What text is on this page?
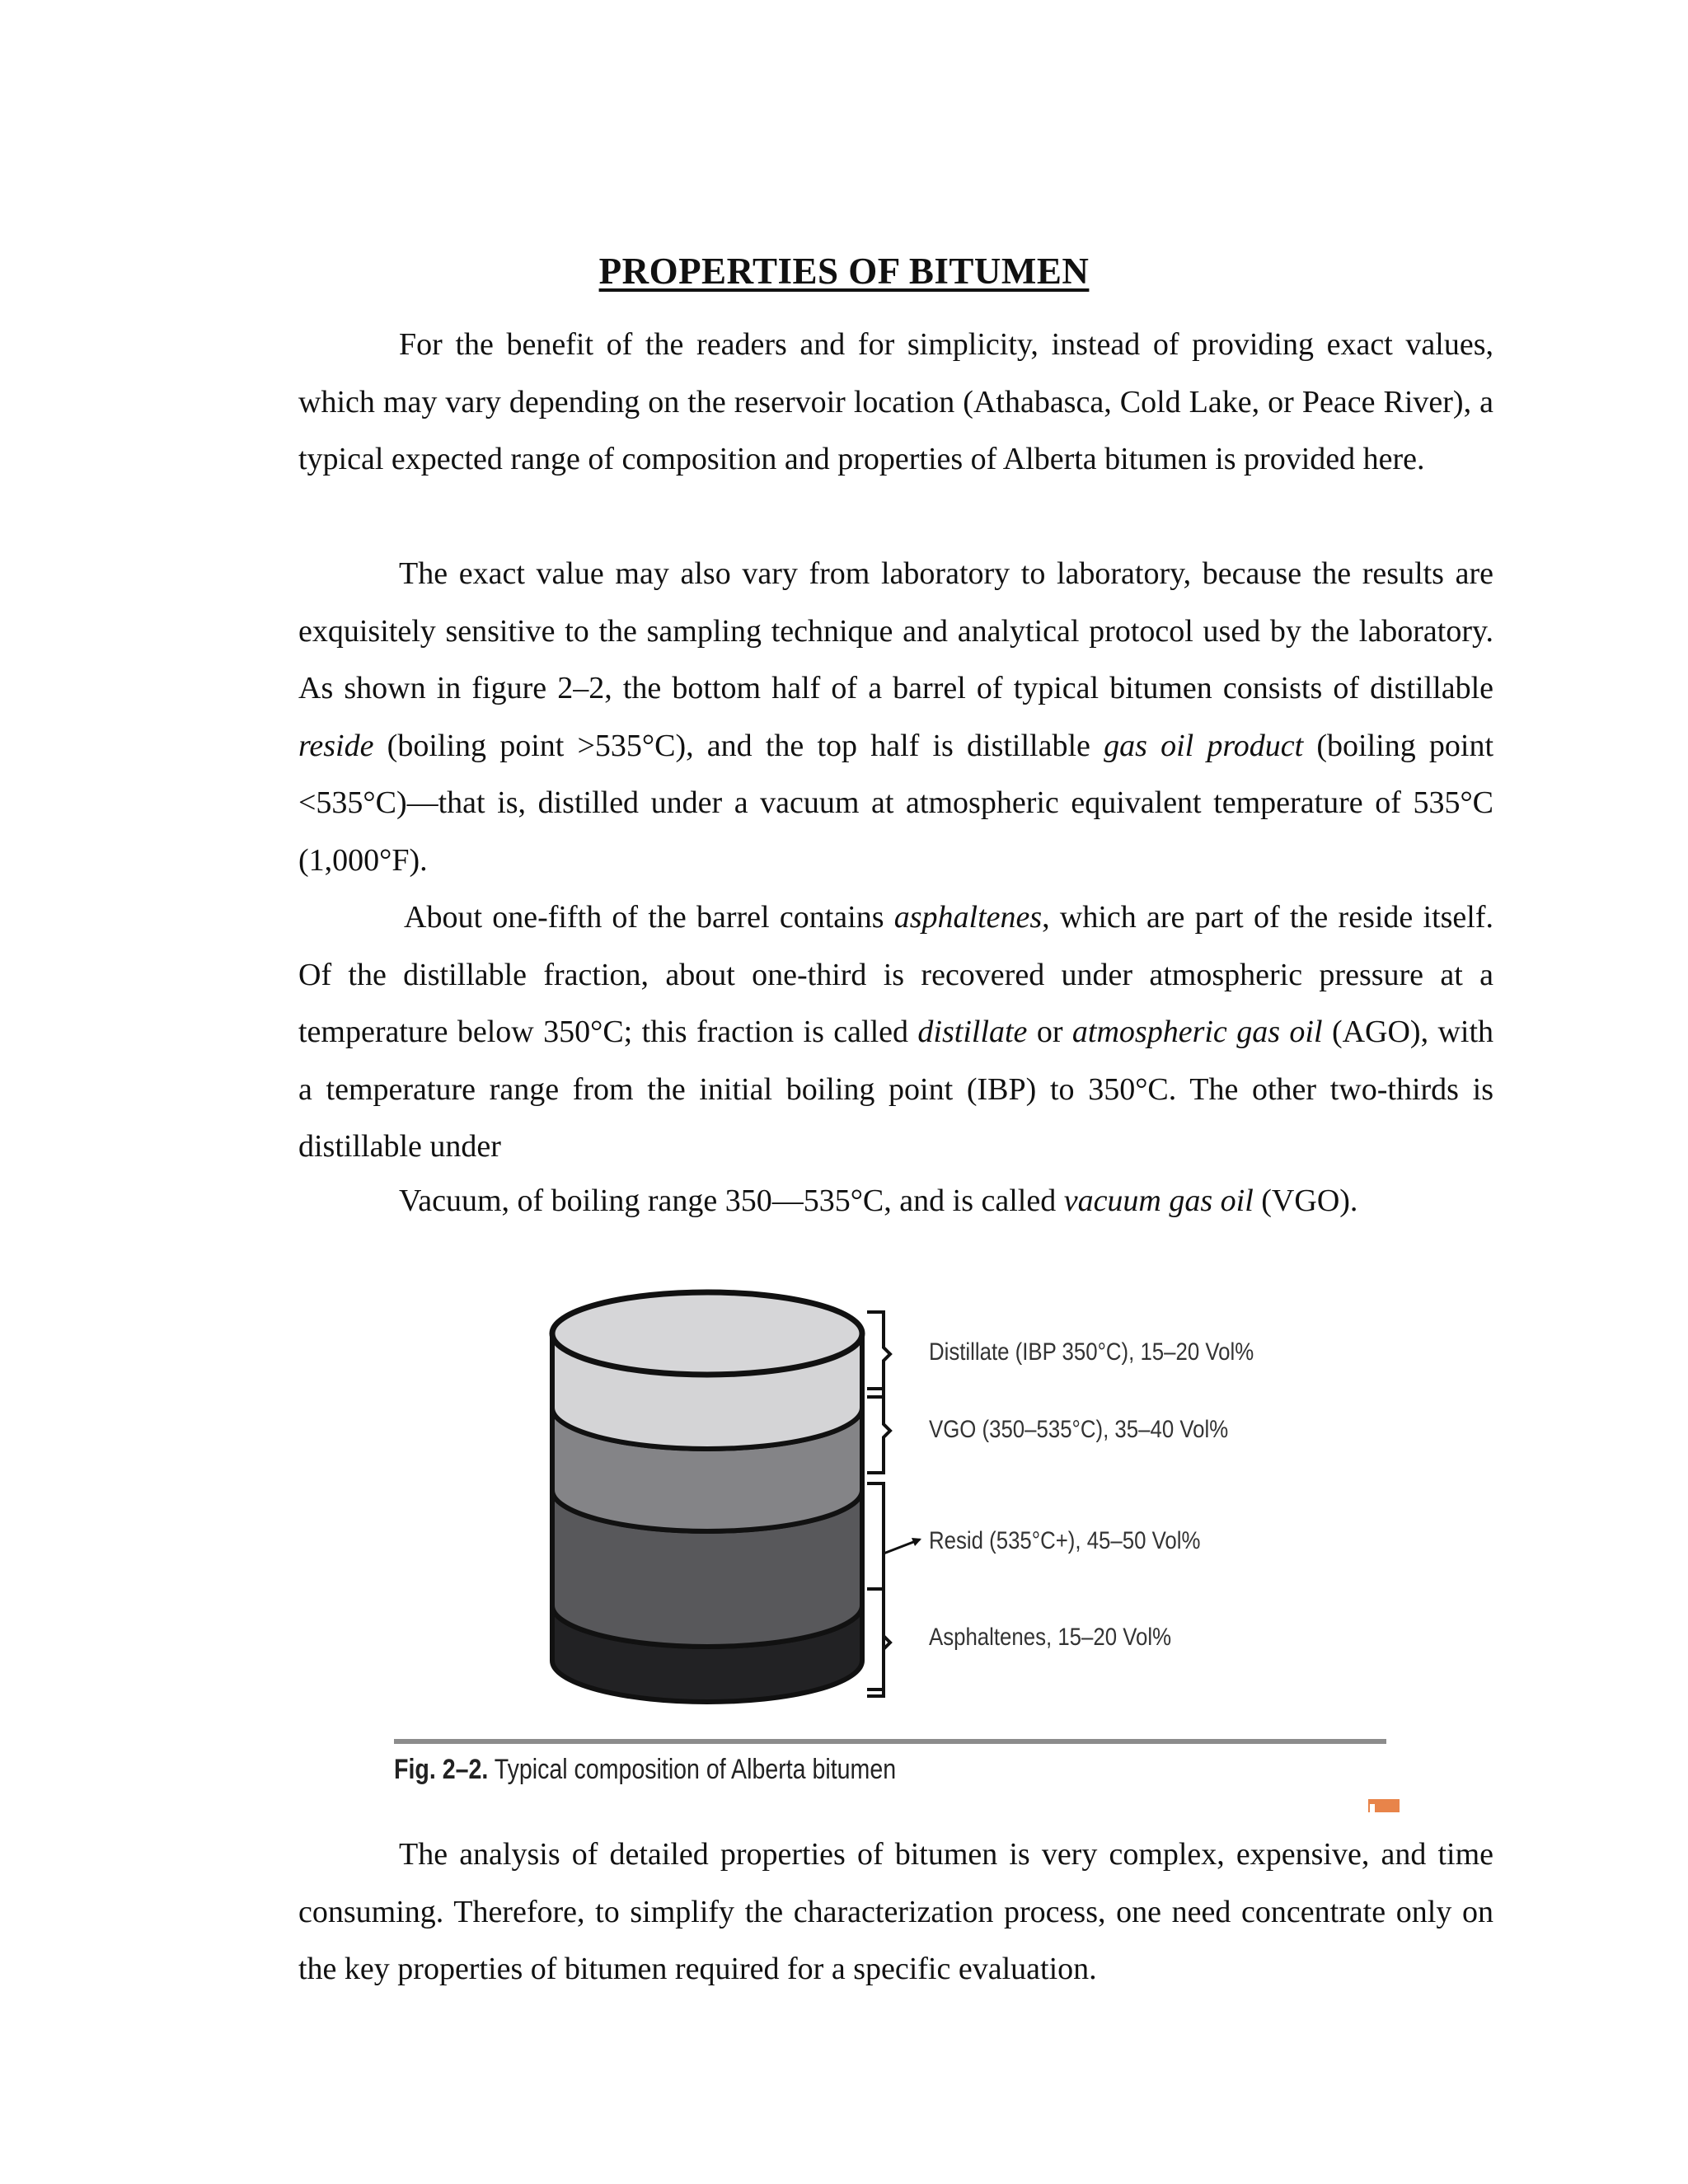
PROPERTIES OF BITUMEN

For the benefit of the readers and for simplicity, instead of providing exact values, which may vary depending on the reservoir location (Athabasca, Cold Lake, or Peace River), a typical expected range of composition and properties of Alberta bitumen is provided here.

The exact value may also vary from laboratory to laboratory, because the results are exquisitely sensitive to the sampling technique and analytical protocol used by the laboratory. As shown in figure 2–2, the bottom half of a barrel of typical bitumen consists of distillable reside (boiling point >535°C), and the top half is distillable gas oil product (boiling point <535°C)—that is, distilled under a vacuum at atmospheric equivalent temperature of 535°C (1,000°F).

About one-fifth of the barrel contains asphaltenes, which are part of the reside itself. Of the distillable fraction, about one-third is recovered under atmospheric pressure at a temperature below 350°C; this fraction is called distillate or atmospheric gas oil (AGO), with a temperature range from the initial boiling point (IBP) to 350°C. The other two-thirds is distillable under

Vacuum, of boiling range 350—535°C, and is called vacuum gas oil (VGO).

Distillate (IBP 350°C), 15–20 Vol%
VGO (350–535°C), 35–40 Vol%
Resid (535°C+), 45–50 Vol%
Asphaltenes, 15–20 Vol%
Fig. 2–2. Typical composition of Alberta bitumen

The analysis of detailed properties of bitumen is very complex, expensive, and time consuming. Therefore, to simplify the characterization process, one need concentrate only on the key properties of bitumen required for a specific evaluation.
